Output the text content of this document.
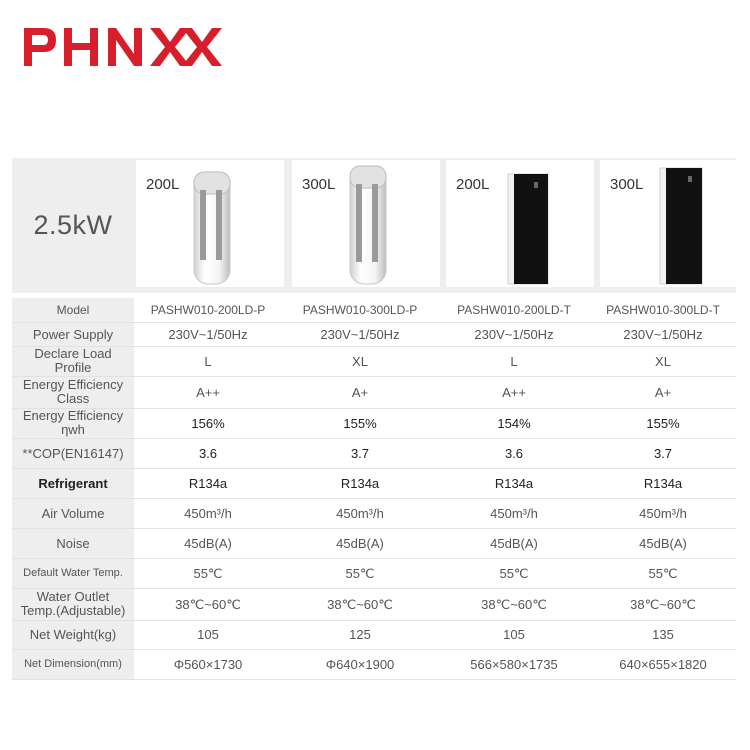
2.5kW
200L	300L	200L	300L
Model	PASHW010-200LD-P	PASHW010-300LD-P	PASHW010-200LD-T	PASHW010-300LD-T
Power Supply	230V~1/50Hz	230V~1/50Hz	230V~1/50Hz	230V~1/50Hz

Declare Load
Profile	L	XL	L	XL

Energy Efficiency
Class	A++	A+	A++	A+

Energy Efficiency
ηwh	156%	155%	154%	155%
**COP(EN16147)	3.6	3.7	3.6	3.7
Refrigerant	R134a	R134a	R134a	R134a
Air Volume	450m³/h	450m³/h	450m³/h	450m³/h
Noise	45dB(A)	45dB(A)	45dB(A)	45dB(A)
Default Water Temp.	55℃	55℃	55℃	55℃

Water Outlet
Temp.(Adjustable)	38℃~60℃	38℃~60℃	38℃~60℃	38℃~60℃
Net Weight(kg)	105	125	105	135
Net Dimension(mm)	Φ560×1730	Φ640×1900	566×580×1735	640×655×1820
